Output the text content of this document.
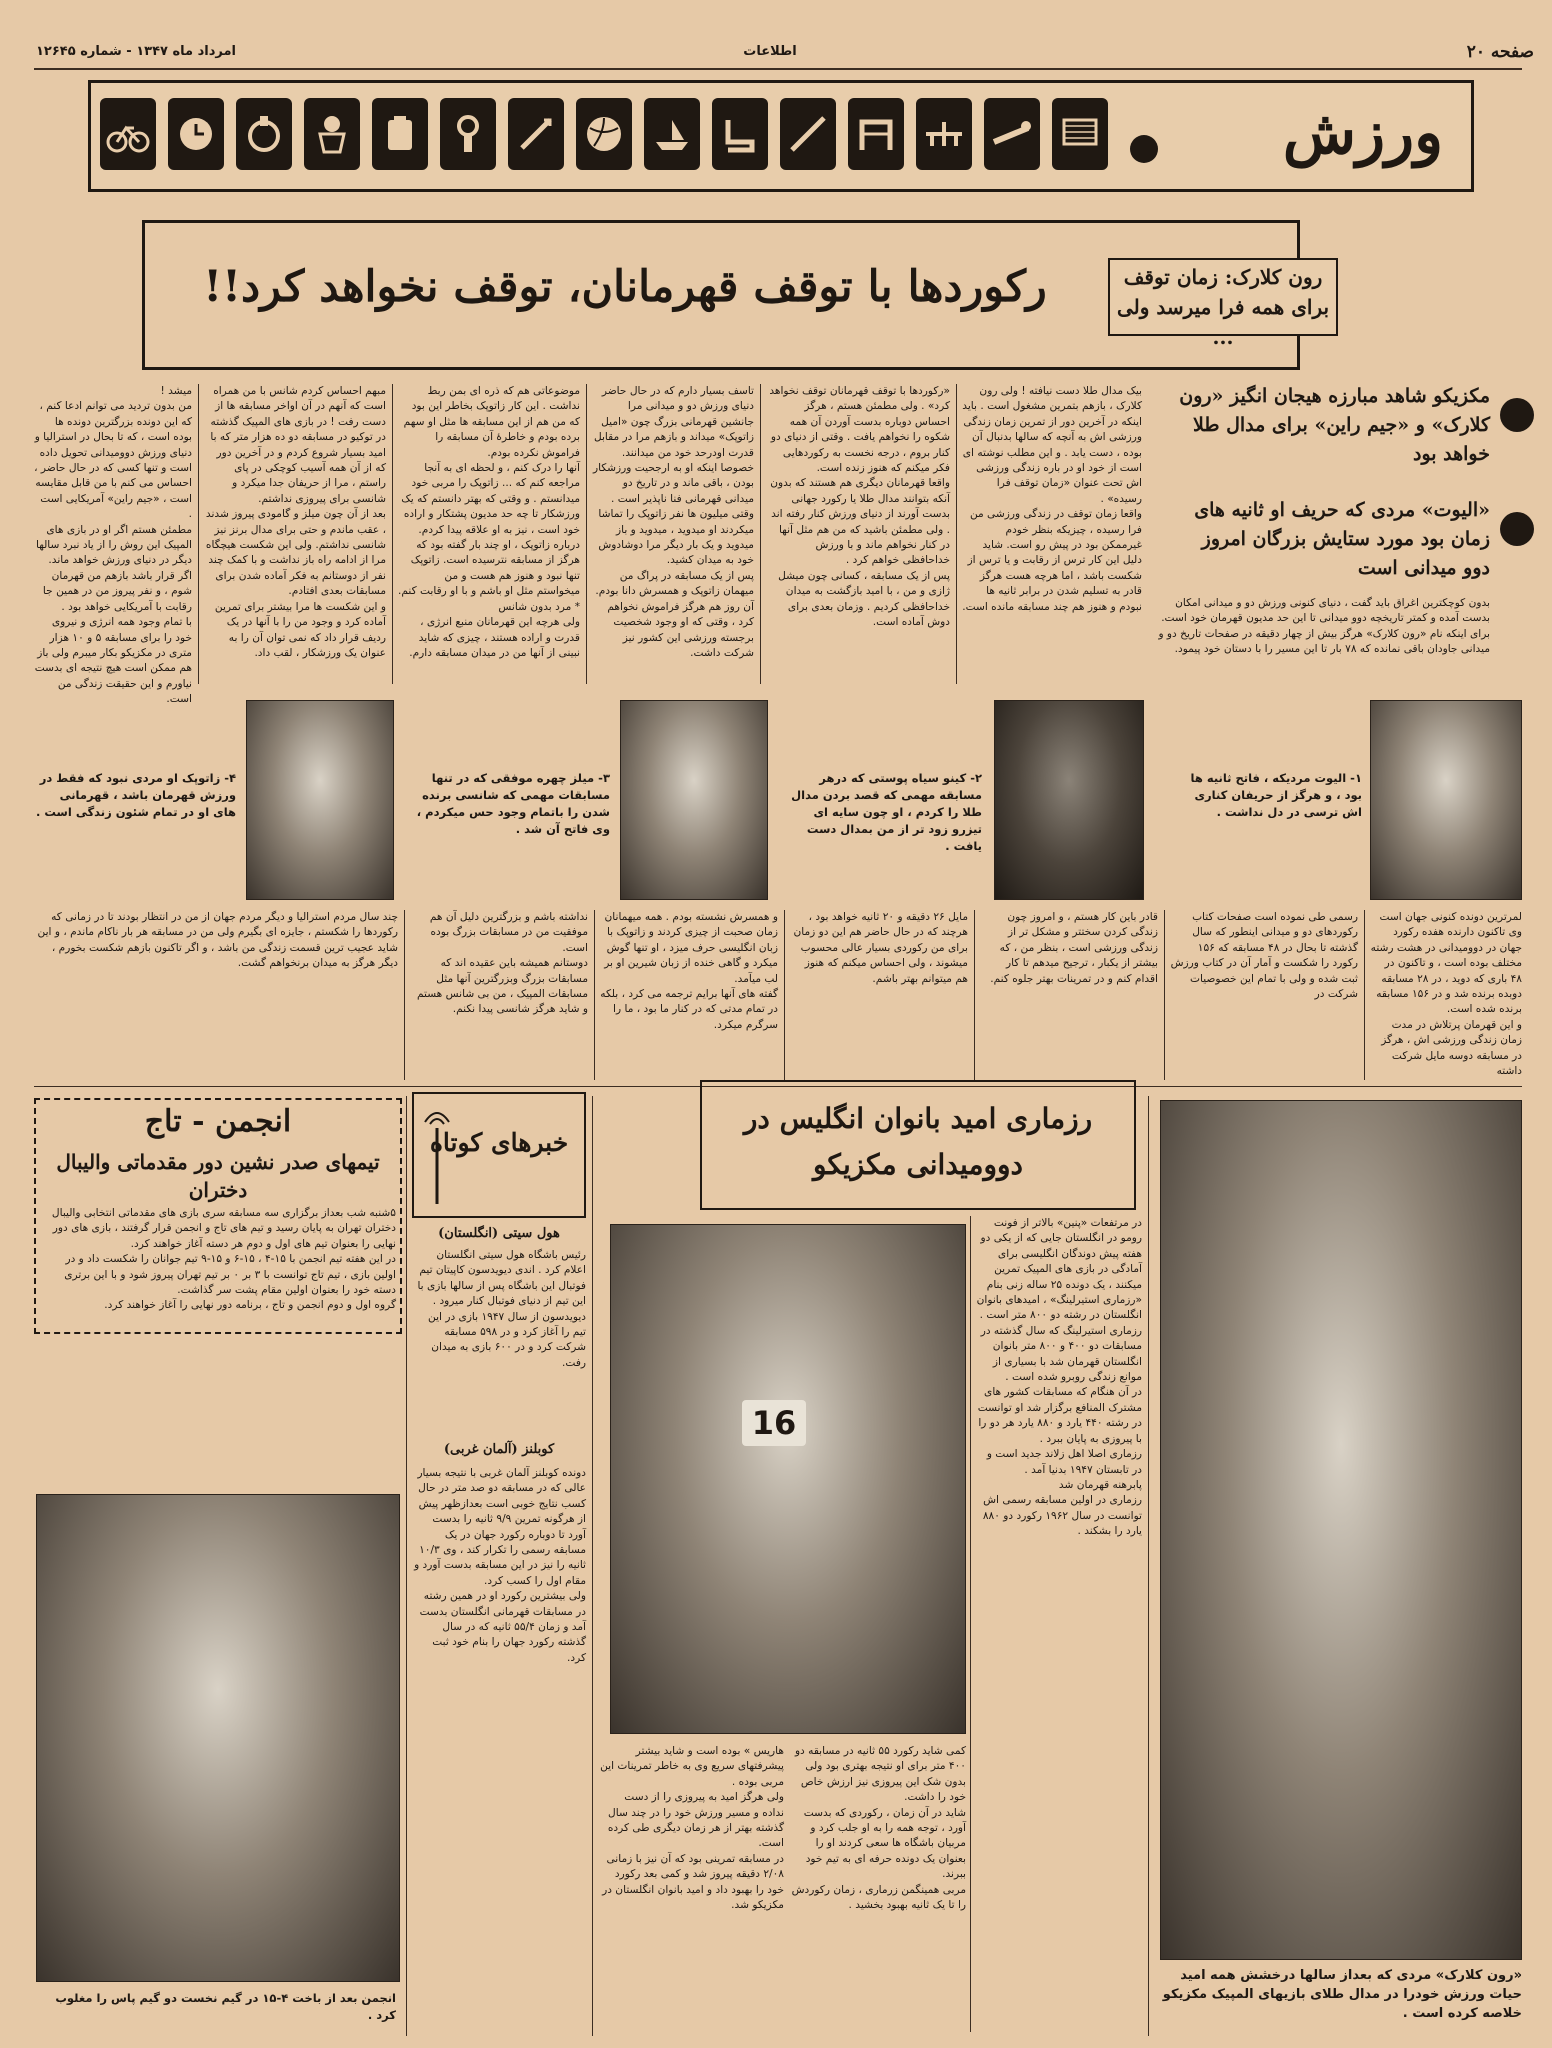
صفحه ۲۰
اطلاعات
امرداد ماه ۱۳۴۷ - شماره ۱۲۶۴۵
ورزش
رکوردها با توقف قهرمانان، توقف نخواهد کرد!!	رون کلارک: زمان توقف برای همه فرا میرسد ولی ...
مکزیکو شاهد مبارزه هیجان انگیز «رون کلارک» و «جیم راین» برای مدال طلا خواهد بود
«الیوت» مردی که حریف او ثانیه های زمان بود مورد ستایش بزرگان امروز دوو میدانی است
بدون کوچکترین اغراق باید گفت ، دنیای کنونی ورزش دو و میدانی امکان بدست آمده و کمتر تاریخچه دوو میدانی تا این حد مدیون قهرمان خود است.
برای اینکه نام «رون کلارک» هرگز بیش از چهار دقیقه در صفحات تاریخ دو و میدانی جاودان باقی نمانده که ۷۸ بار تا این مسیر را با دستان خود پیمود.
بیک مدال طلا دست نیافته ! ولی رون کلارک ، بازهم بتمرین مشغول است . باید اینکه در آخرین دور از تمرین زمان زندگی ورزشی اش به آنچه که سالها بدنبال آن بوده ، دست یابد . و این مطلب نوشته ای است از خود او در باره زندگی ورزشی اش تحت عنوان «زمان توقف فرا رسیده» .
واقعا زمان توقف در زندگی ورزشی من فرا رسیده ، چیزیکه بنظر خودم غیرممکن بود در پیش رو است. شاید دلیل این کار ترس از رقابت و یا ترس از شکست باشد ، اما هرچه هست هرگز قادر به تسلیم شدن در برابر ثانیه ها نبودم و هنوز هم چند مسابقه مانده است.
«رکوردها با توقف قهرمانان توقف نخواهد کرد» . ولی مطمئن هستم ، هرگز احساس دوباره بدست آوردن آن همه شکوه را نخواهم یافت . وقتی از دنیای دو کنار بروم ، درجه نخست به رکوردهایی فکر میکنم که هنوز زنده است.
واقعا قهرمانان دیگری هم هستند که بدون آنکه بتوانند مدال طلا یا رکورد جهانی بدست آورند از دنیای ورزش کنار رفته اند . ولی مطمئن باشید که من هم مثل آنها در کنار نخواهم ماند و با ورزش خداحافظی خواهم کرد .
پس از یک مسابقه ، کسانی چون میشل ژازی و من ، با امید بازگشت به میدان خداحافظی کردیم . وزمان بعدی برای دوش آماده است.
تاسف بسیار دارم که در حال حاضر دنیای ورزش دو و میدانی مرا جانشین قهرمانی بزرگ چون «امیل زاتوپک» میداند و بازهم مرا در مقابل قدرت اودرحد خود من میدانند. خصوصا اینکه او به ارجحیت ورزشکار بودن ، باقی ماند و در تاریخ دو میدانی قهرمانی فنا ناپذیر است . وقتی میلیون ها نفر زاتوپک را تماشا میکردند او میدوید ، میدوید و باز میدوید و یک بار دیگر مرا دوشادوش خود به میدان کشید.
پس از یک مسابقه در پراگ من میهمان زاتوپک و همسرش دانا بودم. آن روز هم هرگز فراموش نخواهم کرد ، وقتی که او وجود شخصیت برجسته ورزشی این کشور نیز شرکت داشت.
موضوعاتی هم که ذره ای بمن ربط نداشت . این کار زاتوپک بخاطر این بود که من هم از این مسابقه ها مثل او سهم برده بودم و خاطرهٔ آن مسابقه را فراموش نکرده بودم.
آنها را درک کنم ، و لحظه ای به آنجا مراجعه کنم که ... زاتوپک را مربی خود میدانستم . و وقتی که بهتر دانستم که یک ورزشکار تا چه حد مدیون پشتکار و اراده خود است ، نیز به او علاقه پیدا کردم.
درباره زاتوپک ، او چند بار گفته بود که هرگز از مسابقه نترسیده است. زاتوپک تنها نبود و هنوز هم هست و من میخواستم مثل او باشم و با او رقابت کنم.
* مرد بدون شانس
ولی هرچه این قهرمانان منبع انرژی ، قدرت و اراده هستند ، چیزی که شاید نبینی از آنها من در میدان مسابقه دارم.
مبهم احساس کردم شانس با من همراه است که آنهم در آن اواخر مسابقه ها از دست رفت ! در بازی های المپیک گذشته در توکیو در مسابقه دو ده هزار متر که با امید بسیار شروع کردم و در آخرین دور که از آن همه آسیب کوچکی در پای راستم ، مرا از حریفان جدا میکرد و شانسی برای پیروزی نداشتم.
بعد از آن چون میلز و گامودی پیروز شدند ، عقب ماندم و حتی برای مدال برنز نیز شانسی نداشتم. ولی این شکست هیچگاه مرا از ادامه راه باز نداشت و با کمک چند نفر از دوستانم به فکر آماده شدن برای مسابقات بعدی افتادم.
و این شکست ها مرا بیشتر برای تمرین آماده کرد و وجود من را با آنها در یک ردیف قرار داد که نمی توان آن را به عنوان یک ورزشکار ، لقب داد.
میشد !
من بدون تردید می توانم ادعا کنم ، که این دونده بزرگترین دونده ها بوده است ، که تا بحال در استرالیا و دنیای ورزش دوومیدانی تحویل داده است و تنها کسی که در حال حاضر ، احساس می کنم با من قابل مقایسه است ، «جیم راین» آمریکایی است .
مطمئن هستم اگر او در بازی های المپیک این روش را از یاد نبرد سالها دیگر در دنیای ورزش خواهد ماند. اگر قرار باشد بازهم من قهرمان شوم ، و نفر پیروز من در همین جا رقابت با آمریکایی خواهد بود .
با تمام وجود همه انرژی و نیروی خود را برای مسابقه ۵ و ۱۰ هزار متری در مکزیکو بکار میبرم ولی باز هم ممکن است هیچ نتیجه ای بدست نیاورم و این حقیقت زندگی من است.
۱- الیوت مردیکه ، فاتح ثانیه ها بود ، و هرگز از حریفان کناری اش ترسی در دل نداشت .
۲- کینو سیاه پوستی که درهر مسابقه مهمی که قصد بردن مدال طلا را کردم ، او چون سایه ای تیزرو زود تر از من بمدال دست یافت .
۳- میلز چهره موفقی که در تنها مسابقات مهمی که شانسی برنده شدن را باتمام وجود حس میکردم ، وی فاتح آن شد .
۴- زاتوپک او مردی نبود که فقط در ورزش قهرمان باشد ، قهرمانی های او در تمام شئون زندگی است .
لمرترین دونده کنونی جهان است وی تاکنون دارنده هفده رکورد جهان در دوومیدانی در هشت رشته مختلف بوده است ، و تاکنون در ۴۸ باری که دوید ، در ۲۸ مسابقه دوبده برنده شد و در ۱۵۶ مسابقه برنده شده است.
و این قهرمان پرتلاش در مدت زمان زندگی ورزشی اش ، هرگز در مسابقه دوسه مایل شرکت داشته
رسمی طی نموده است صفحات کتاب رکوردهای دو و میدانی اینطور که سال گذشته تا بحال در ۴۸ مسابقه که ۱۵۶ رکورد را شکست و آمار آن در کتاب ورزش ثبت شده و ولی با تمام این خصوصیات شرکت در
قادر باین کار هستم ، و امروز چون زندگی کردن سختتر و مشکل تر از زندگی ورزشی است ، بنظر من ، که بیشتر از یکبار ، ترجیح میدهم تا کار اقدام کنم و در تمرینات بهتر جلوه کنم.
مایل ۲۶ دقیقه و ۲۰ ثانیه خواهد بود ، هرچند که در حال حاضر هم این دو زمان برای من رکوردی بسیار عالی محسوب میشوند ، ولی احساس میکنم که هنوز هم میتوانم بهتر باشم.
و همسرش نشسته بودم . همه میهمانان زمان صحبت از چیزی کردند و زاتوپک با زبان انگلیسی حرف میزد ، او تنها گوش میکرد و گاهی خنده از زبان شیرین او بر لب میآمد.
گفته های آنها برایم ترجمه می کرد ، بلکه در تمام مدتی که در کنار ما بود ، ما را سرگرم میکرد.
نداشته باشم و بزرگترین دلیل آن هم موفقیت من در مسابقات بزرگ بوده است.
دوستانم همیشه باین عقیده اند که مسابقات بزرگ وبزرگترین آنها مثل مسابقات المپیک ، من بی شانس هستم و شاید هرگز شانسی پیدا نکنم.
چند سال مردم استرالیا و دیگر مردم جهان از من در انتظار بودند تا در زمانی که رکوردها را شکستم ، جایزه ای بگیرم ولی من در مسابقه هر بار ناکام ماندم ، و این شاید عجیب ترین قسمت زندگی من باشد ، و اگر تاکنون بازهم شکست بخورم ، دیگر هرگز به میدان برنخواهم گشت.
انجمن - تاج
تیمهای صدر نشین دور مقدماتی والیبال دختران
۵شنبه شب بعداز برگزاری سه مسابقه سری بازی های مقدماتی انتخابی والیبال دختران تهران به پایان رسید و تیم های تاج و انجمن قرار گرفتند ، بازی های دور نهایی را بعنوان تیم های اول و دوم هر دسته آغاز خواهند کرد.
در این هفته تیم انجمن با ۱۵-۴ ، ۱۵-۶ و ۱۵-۹ تیم جوانان را شکست داد و در اولین بازی ، تیم تاج توانست با ۳ بر ۰ بر تیم تهران پیروز شود و با این برتری دسته خود را بعنوان اولین مقام پشت سر گذاشت.
گروه اول و دوم انجمن و تاج ، برنامه دور نهایی را آغاز خواهند کرد.
انجمن بعد از باخت ۴-۱۵ در گیم نخست دو گیم پاس را مغلوب کرد .
خبرهای کوتاه
هول سیتی (انگلستان)
رئیس باشگاه هول سیتی انگلستان اعلام کرد . اندی دیویدسون کاپیتان تیم فوتبال این باشگاه پس از سالها بازی با این تیم از دنیای فوتبال کنار میرود . دیویدسون از سال ۱۹۴۷ بازی در این تیم را آغاز کرد و در ۵۹۸ مسابقه شرکت کرد و در ۶۰۰ بازی به میدان رفت.
کوبلنز (آلمان غربی)
دونده کوبلنز آلمان غربی با نتیجه بسیار عالی که در مسابقه دو صد متر در حال کسب نتایج خوبی است بعدازظهر پیش از هرگونه تمرین ۹/۹ ثانیه را بدست آورد تا دوباره رکورد جهان در یک مسابقه رسمی را تکرار کند ، وی ۱۰/۳ ثانیه را نیز در این مسابقه بدست آورد و مقام اول را کسب کرد.
ولی بیشترین رکورد او در همین رشته در مسابقات قهرمانی انگلستان بدست آمد و زمان ۵۵/۴ ثانیه که در سال گذشته رکورد جهان را بنام خود ثبت کرد.
رزماری امید بانوان انگلیس در دوومیدانی مکزیکو
16
در مرتفعات «پنین» بالاتر از فونت رومو در انگلستان جایی که از یکی دو هفته پیش دوندگان انگلیسی برای آمادگی در بازی های المپیک تمرین میکنند ، یک دونده ۲۵ ساله زنی بنام «رزماری استیرلینگ» ، امیدهای بانوان انگلستان در رشته دو ۸۰۰ متر است .
رزماری استیرلینگ که سال گذشته در مسابقات دو ۴۰۰ و ۸۰۰ متر بانوان انگلستان قهرمان شد با بسیاری از موانع زندگی روبرو شده است .
در آن هنگام که مسابقات کشور های مشترک المنافع برگزار شد او توانست در رشته ۴۴۰ یارد و ۸۸۰ یارد هر دو را با پیروزی به پایان ببرد .
رزماری اصلا اهل زلاند جدید است و در تابستان ۱۹۴۷ بدنیا آمد .
پابرهنه قهرمان شد
رزماری در اولین مسابقه رسمی اش توانست در سال ۱۹۶۲ رکورد دو ۸۸۰ یارد را بشکند .
کمی شاید رکورد ۵۵ ثانیه در مسابقه دو ۴۰۰ متر برای او نتیجه بهتری بود ولی بدون شک این پیروزی نیز ارزش خاص خود را داشت.
شاید در آن زمان ، رکوردی که بدست آورد ، توجه همه را به او جلب کرد و مربیان باشگاه ها سعی کردند او را بعنوان یک دونده حرفه ای به تیم خود ببرند.
مربی همینگمن زرماری ، زمان رکوردش را تا یک ثانیه بهبود بخشید .
هاریس » بوده است و شاید بیشتر پیشرفتهای سریع وی به خاطر تمرینات این مربی بوده .
ولی هرگز امید به پیروزی را از دست نداده و مسیر ورزش خود را در چند سال گذشته بهتر از هر زمان دیگری طی کرده است.
در مسابقه تمرینی بود که آن نیز با زمانی ۲/۰۸ دقیقه پیروز شد و کمی بعد رکورد خود را بهبود داد و امید بانوان انگلستان در مکزیکو شد.
«رون کلارک» مردی که بعداز سالها درخشش همه امید حیات ورزش خودرا در مدال طلای بازیهای المپیک مکزیکو خلاصه کرده است .
